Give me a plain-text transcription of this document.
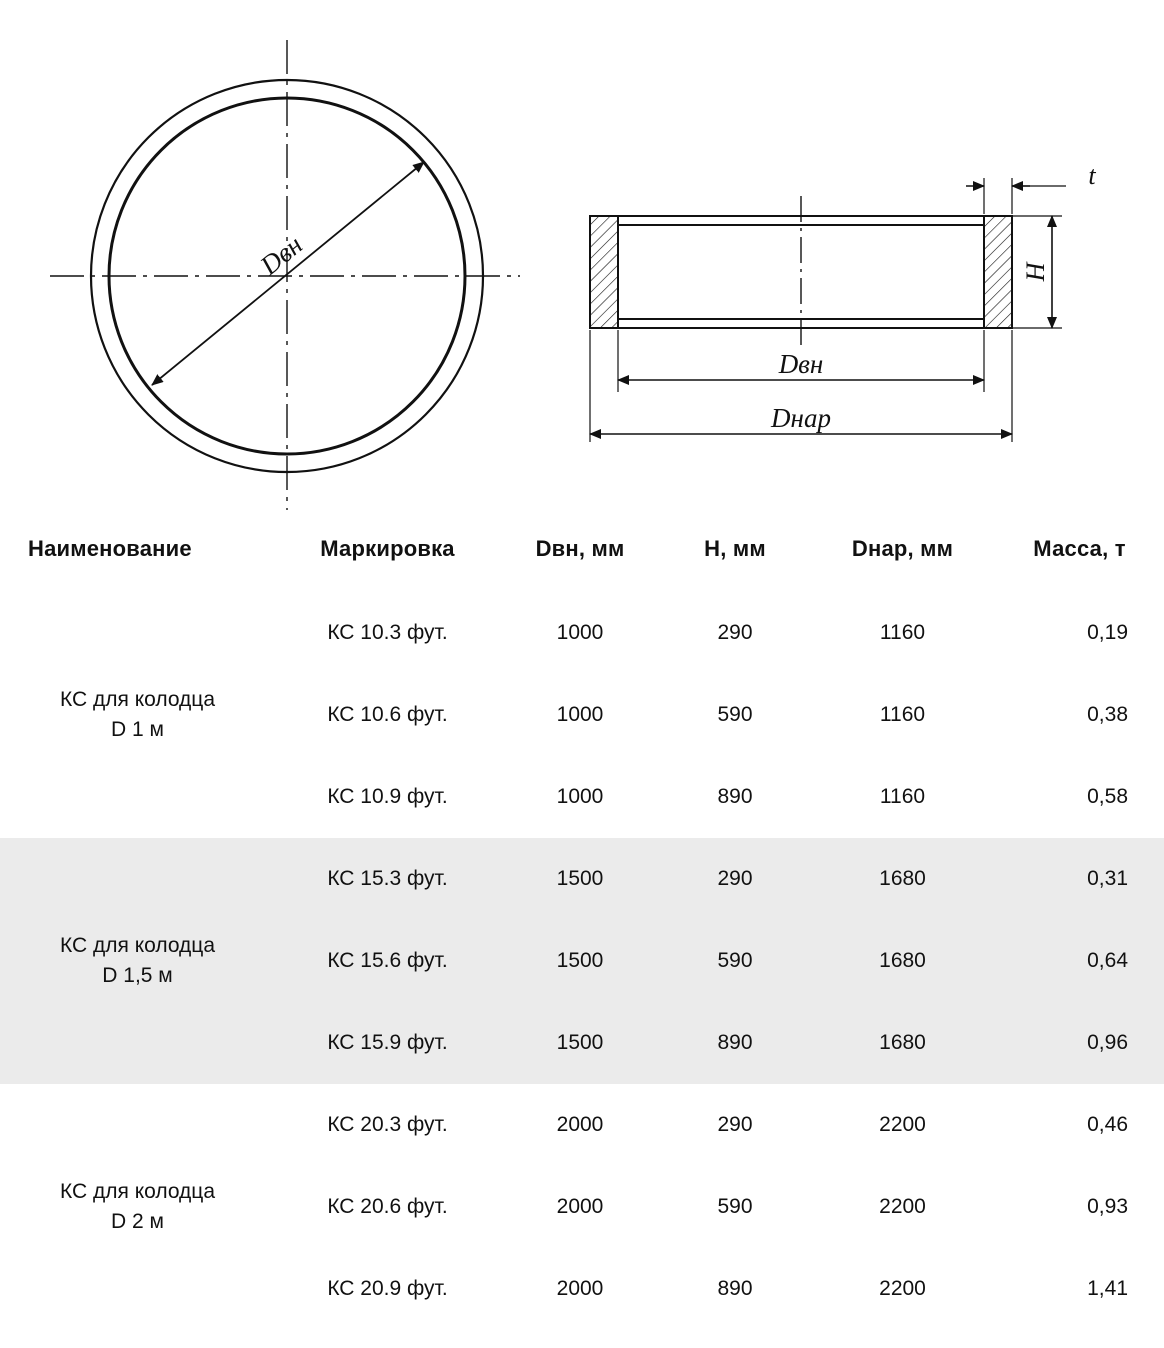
Dвн
t
H
Dвн
Dнар
Наименование	Маркировка	Dвн, мм	H, мм	Dнар, мм	Масса, т
КС для колодца
D 1 м	КС 10.3 фут.	1000	290	1160	0,19
	КС 10.6 фут.	1000	590	1160	0,38
	КС 10.9 фут.	1000	890	1160	0,58
КС для колодца
D 1,5 м	КС 15.3 фут.	1500	290	1680	0,31
	КС 15.6 фут.	1500	590	1680	0,64
	КС 15.9 фут.	1500	890	1680	0,96
КС для колодца
D 2 м	КС 20.3 фут.	2000	290	2200	0,46
	КС 20.6 фут.	2000	590	2200	0,93
	КС 20.9 фут.	2000	890	2200	1,41
